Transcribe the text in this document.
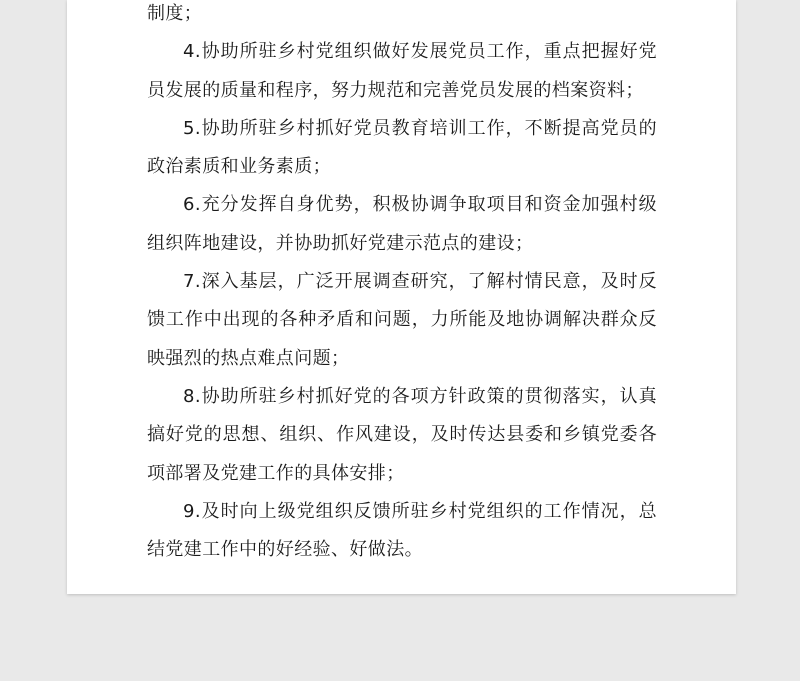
制度；

4.协助所驻乡村党组织做好发展党员工作，重点把握好党员发展的质量和程序，努力规范和完善党员发展的档案资料；

5.协助所驻乡村抓好党员教育培训工作，不断提高党员的政治素质和业务素质；

6.充分发挥自身优势，积极协调争取项目和资金加强村级组织阵地建设，并协助抓好党建示范点的建设；

7.深入基层，广泛开展调查研究，了解村情民意，及时反馈工作中出现的各种矛盾和问题，力所能及地协调解决群众反映强烈的热点难点问题；

8.协助所驻乡村抓好党的各项方针政策的贯彻落实，认真搞好党的思想、组织、作风建设，及时传达县委和乡镇党委各项部署及党建工作的具体安排；

9.及时向上级党组织反馈所驻乡村党组织的工作情况，总结党建工作中的好经验、好做法。
